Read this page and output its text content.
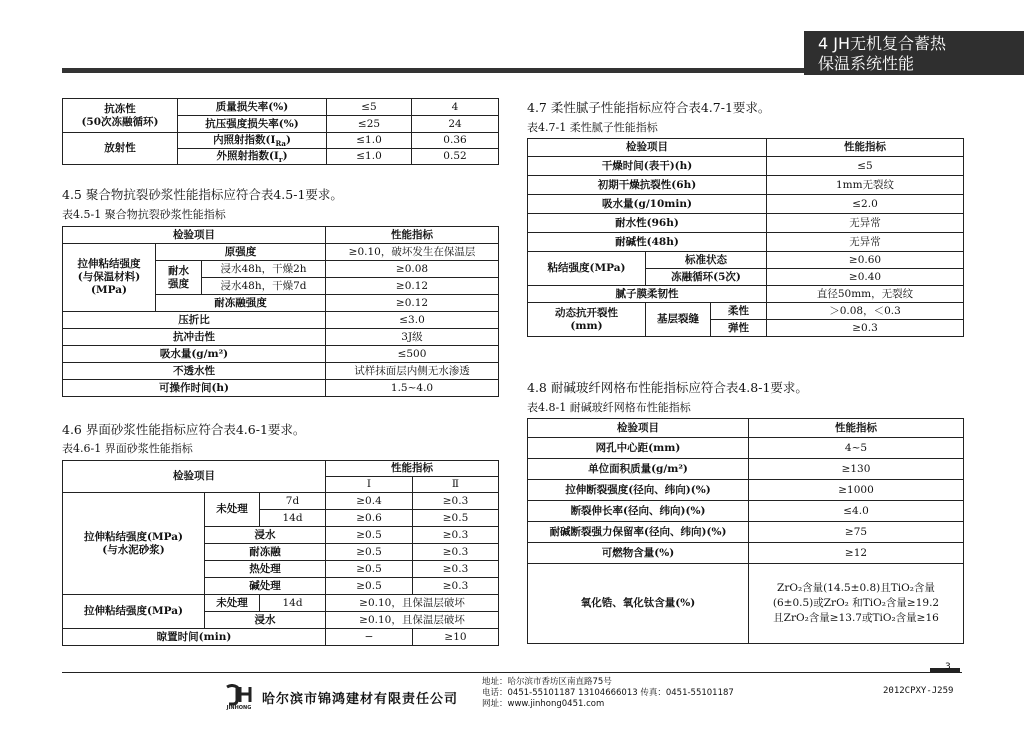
4 JH无机复合蓄热
保温系统性能
抗冻性
(50次冻融循环)	质量损失率(%)	≤5	4
	抗压强度损失率(%)	≤25	24
放射性	内照射指数$(I_{Ra})$	≤1.0	0.36
	外照射指数$(I_r)$	≤1.0	0.52
4.5 聚合物抗裂砂浆性能指标应符合表4.5-1要求。
表4.5-1 聚合物抗裂砂浆性能指标
检验项目			性能指标
拉伸粘结强度
(与保温材料)
(MPa)	原强度		≥0.10，破坏发生在保温层
	耐水
强度	浸水48h，干燥2h	≥0.08
		浸水48h，干燥7d	≥0.12
	耐冻融强度		≥0.12
压折比			≤3.0
抗冲击性			3J级
吸水量(g/m²)			≤500
不透水性			试样抹面层内侧无水渗透
可操作时间(h)			1.5~4.0
4.6 界面砂浆性能指标应符合表4.6-1要求。
表4.6-1 界面砂浆性能指标
检验项目			性能指标	
			Ⅰ	Ⅱ
拉伸粘结强度(MPa)
(与水泥砂浆)	未处理	7d	≥0.4	≥0.3
		14d	≥0.6	≥0.5
	浸水		≥0.5	≥0.3
	耐冻融		≥0.5	≥0.3
	热处理		≥0.5	≥0.3
	碱处理		≥0.5	≥0.3
拉伸粘结强度(MPa)	未处理	14d	≥0.10，且保温层破坏	
	浸水		≥0.10，且保温层破坏	
晾置时间(min)			−	≥10
4.7 柔性腻子性能指标应符合表4.7-1要求。
表4.7-1 柔性腻子性能指标
检验项目			性能指标
干燥时间(表干)(h)			≤5
初期干燥抗裂性(6h)			1mm无裂纹
吸水量(g/10min)			≤2.0
耐水性(96h)			无异常
耐碱性(48h)			无异常
粘结强度(MPa)	标准状态		≥0.60
	冻融循环(5次)		≥0.40
腻子膜柔韧性			直径50mm，无裂纹
动态抗开裂性
(mm)	基层裂缝	柔性	＞0.08，＜0.3
		弹性	≥0.3
4.8 耐碱玻纤网格布性能指标应符合表4.8-1要求。
表4.8-1 耐碱玻纤网格布性能指标
检验项目	性能指标
网孔中心距(mm)	4~5
单位面积质量(g/m²)	≥130
拉伸断裂强度(径向、纬向)(%)	≥1000
断裂伸长率(径向、纬向)(%)	≤4.0
耐碱断裂强力保留率(径向、纬向)(%)	≥75
可燃物含量(%)	≥12
氧化锆、氧化钛含量(%)	ZrO₂含量(14.5±0.8)且TiO₂含量
(6±0.5)或ZrO₂ 和TiO₂含量≥19.2
且ZrO₂含量≥13.7或TiO₂含量≥16
3
JINHONG
哈尔滨市锦鸿建材有限责任公司
地址：哈尔滨市香坊区南直路75号
电话：0451-55101187 13104666013 传真：0451-55101187
网址：www.jinhong0451.com
2012CPXY-J259
